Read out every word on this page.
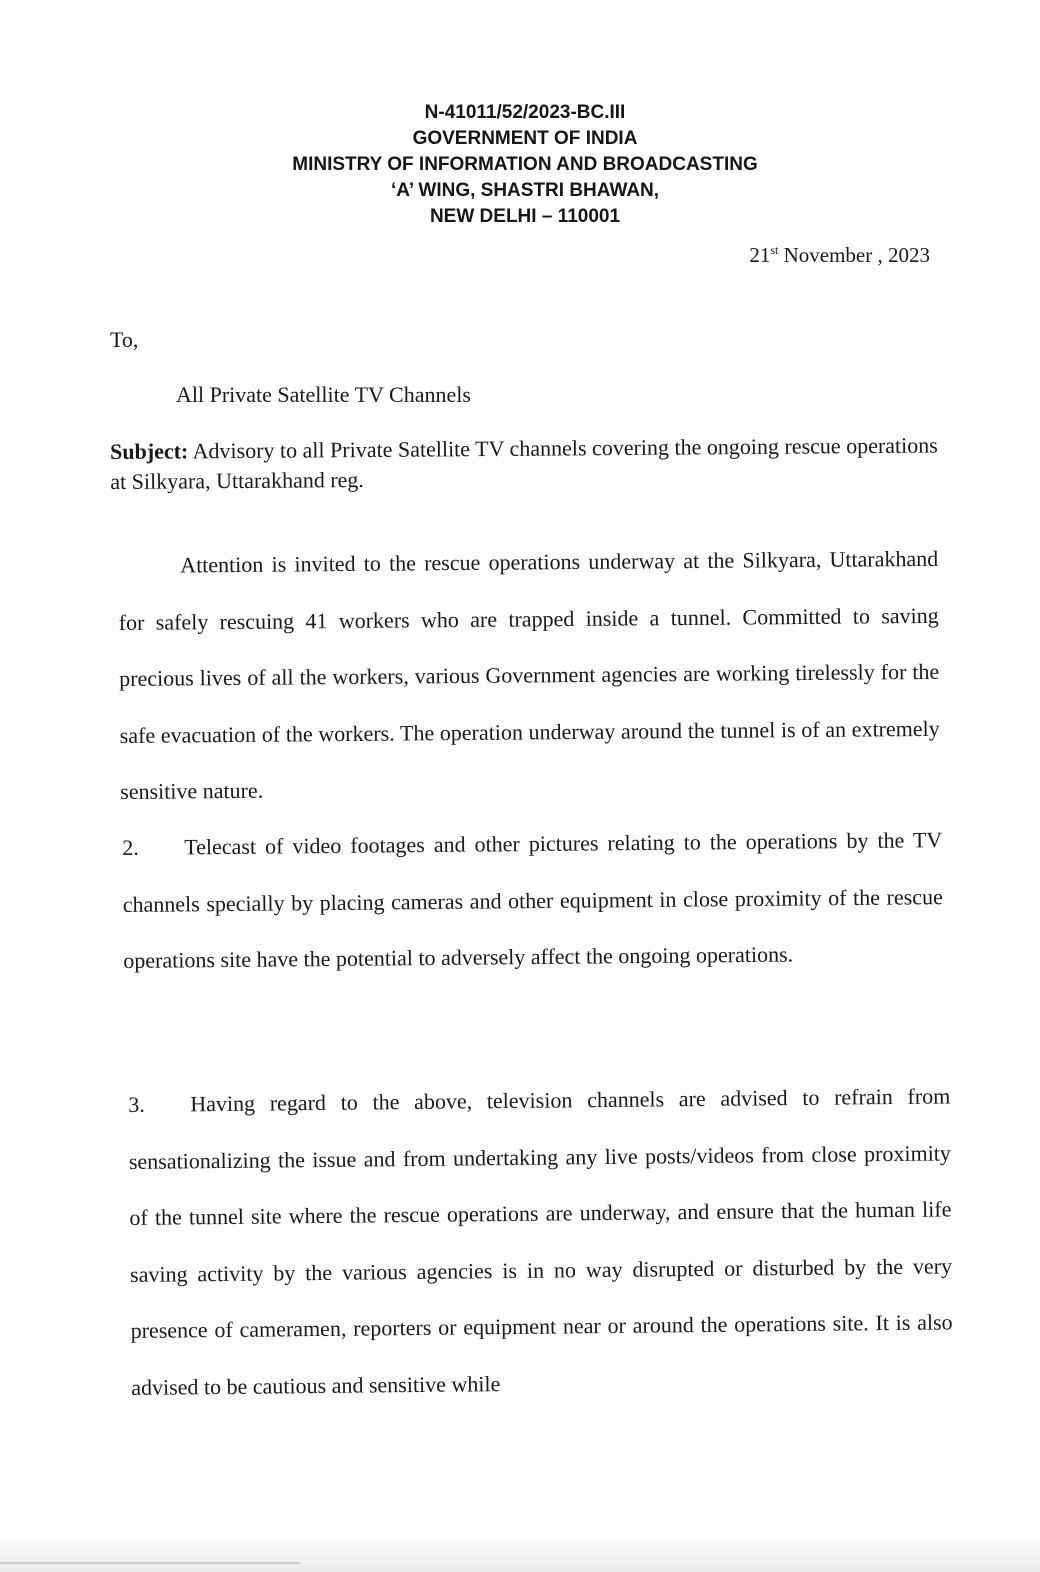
N-41011/52/2023-BC.III
GOVERNMENT OF INDIA
MINISTRY OF INFORMATION AND BROADCASTING
‘A’ WING, SHASTRI BHAWAN,
NEW DELHI – 110001
21st November , 2023
To,
All Private Satellite TV Channels
Subject: Advisory to all Private Satellite TV channels covering the ongoing rescue operations at Silkyara, Uttarakhand reg.
Attention is invited to the rescue operations underway at the Silkyara, Uttarakhand for safely rescuing 41 workers who are trapped inside a tunnel. Committed to saving precious lives of all the workers, various Government agencies are working tirelessly for the safe evacuation of the workers. The operation underway around the tunnel is of an extremely sensitive nature.
2. Telecast of video footages and other pictures relating to the operations by the TV channels specially by placing cameras and other equipment in close proximity of the rescue operations site have the potential to adversely affect the ongoing operations.
3. Having regard to the above, television channels are advised to refrain from sensationalizing the issue and from undertaking any live posts/videos from close proximity of the tunnel site where the rescue operations are underway, and ensure that the human life saving activity by the various agencies is in no way disrupted or disturbed by the very presence of cameramen, reporters or equipment near or around the operations site. It is also advised to be cautious and sensitive while
